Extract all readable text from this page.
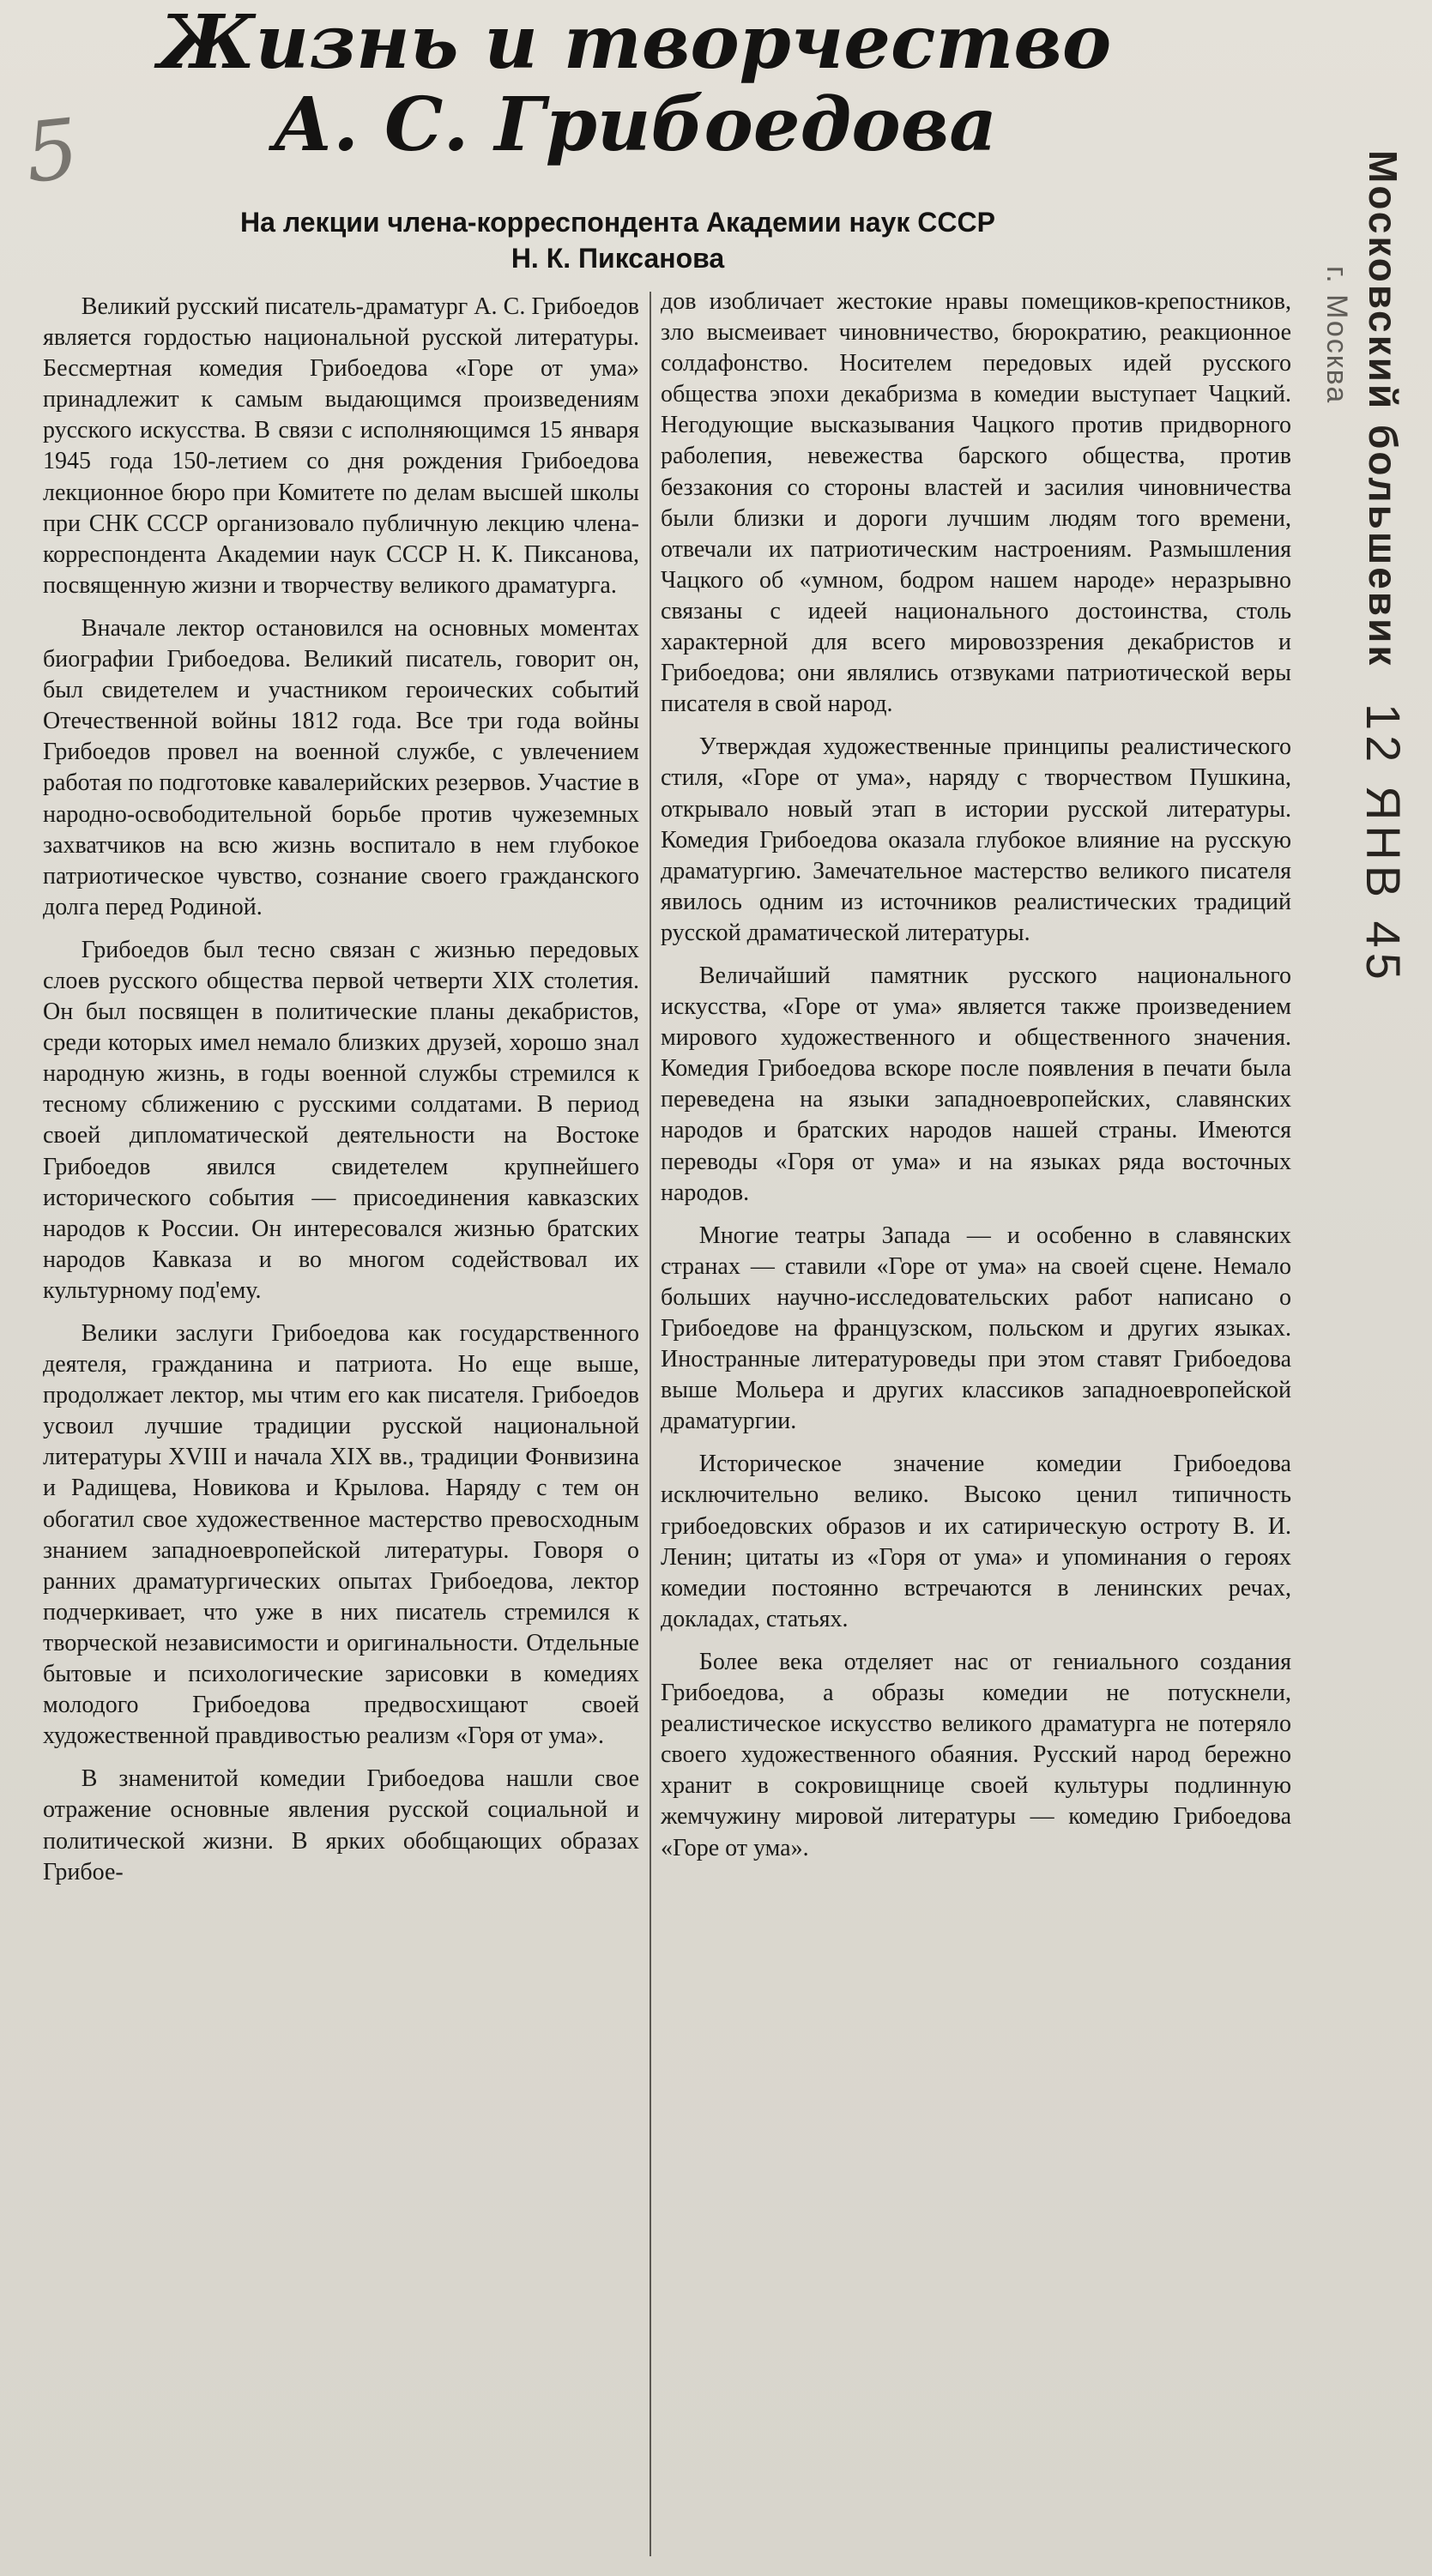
5
Жизнь и творчество
А. С. Грибоедова
На лекции члена-корреспондента Академии наук СССР
Н. К. Пиксанова	Московский большевик
г. Москва
12 ЯНВ 45

Великий русский писатель-драматург А. С. Грибоедов является гордостью национальной русской литературы. Бессмертная комедия Грибоедова «Горе от ума» принадлежит к самым выдающимся произведениям русского искусства. В связи с исполняющимся 15 января 1945 года 150-летием со дня рождения Грибоедова лекционное бюро при Комитете по делам высшей школы при СНК СССР организовало публичную лекцию члена-корреспондента Академии наук СССР Н. К. Пиксанова, посвященную жизни и творчеству великого драматурга.

Вначале лектор остановился на основных моментах биографии Грибоедова. Великий писатель, говорит он, был свидетелем и участником героических событий Отечественной войны 1812 года. Все три года войны Грибоедов провел на военной службе, с увлечением работая по подготовке кавалерийских резервов. Участие в народно-освободительной борьбе против чужеземных захватчиков на всю жизнь воспитало в нем глубокое патриотическое чувство, сознание своего гражданского долга перед Родиной.

Грибоедов был тесно связан с жизнью передовых слоев русского общества первой четверти XIX столетия. Он был посвящен в политические планы декабристов, среди которых имел немало близких друзей, хорошо знал народную жизнь, в годы военной службы стремился к тесному сближению с русскими солдатами. В период своей дипломатической деятельности на Востоке Грибоедов явился свидетелем крупнейшего исторического события — присоединения кавказских народов к России. Он интересовался жизнью братских народов Кавказа и во многом содействовал их культурному под'ему.

Велики заслуги Грибоедова как государственного деятеля, гражданина и патриота. Но еще выше, продолжает лектор, мы чтим его как писателя. Грибоедов усвоил лучшие традиции русской национальной литературы XVIII и начала XIX вв., традиции Фонвизина и Радищева, Новикова и Крылова. Наряду с тем он обогатил свое художественное мастерство превосходным знанием западноевропейской литературы. Говоря о ранних драматургических опытах Грибоедова, лектор подчеркивает, что уже в них писатель стремился к творческой независимости и оригинальности. Отдельные бытовые и психологические зарисовки в комедиях молодого Грибоедова предвосхищают своей художественной правдивостью реализм «Горя от ума».

В знаменитой комедии Грибоедова нашли свое отражение основные явления русской социальной и политической жизни. В ярких обобщающих образах Грибое-

дов изобличает жестокие нравы помещиков-крепостников, зло высмеивает чиновничество, бюрократию, реакционное солдафонство. Носителем передовых идей русского общества эпохи декабризма в комедии выступает Чацкий. Негодующие высказывания Чацкого против придворного раболепия, невежества барского общества, против беззакония со стороны властей и засилия чиновничества были близки и дороги лучшим людям того времени, отвечали их патриотическим настроениям. Размышления Чацкого об «умном, бодром нашем народе» неразрывно связаны с идеей национального достоинства, столь характерной для всего мировоззрения декабристов и Грибоедова; они являлись отзвуками патриотической веры писателя в свой народ.

Утверждая художественные принципы реалистического стиля, «Горе от ума», наряду с творчеством Пушкина, открывало новый этап в истории русской литературы. Комедия Грибоедова оказала глубокое влияние на русскую драматургию. Замечательное мастерство великого писателя явилось одним из источников реалистических традиций русской драматической литературы.

Величайший памятник русского национального искусства, «Горе от ума» является также произведением мирового художественного и общественного значения. Комедия Грибоедова вскоре после появления в печати была переведена на языки западноевропейских, славянских народов и братских народов нашей страны. Имеются переводы «Горя от ума» и на языках ряда восточных народов.

Многие театры Запада — и особенно в славянских странах — ставили «Горе от ума» на своей сцене. Немало больших научно-исследовательских работ написано о Грибоедове на французском, польском и других языках. Иностранные литературоведы при этом ставят Грибоедова выше Мольера и других классиков западноевропейской драматургии.

Историческое значение комедии Грибоедова исключительно велико. Высоко ценил типичность грибоедовских образов и их сатирическую остроту В. И. Ленин; цитаты из «Горя от ума» и упоминания о героях комедии постоянно встречаются в ленинских речах, докладах, статьях.

Более века отделяет нас от гениального создания Грибоедова, а образы комедии не потускнели, реалистическое искусство великого драматурга не потеряло своего художественного обаяния. Русский народ бережно хранит в сокровищнице своей культуры подлинную жемчужину мировой литературы — комедию Грибоедова «Горе от ума».
